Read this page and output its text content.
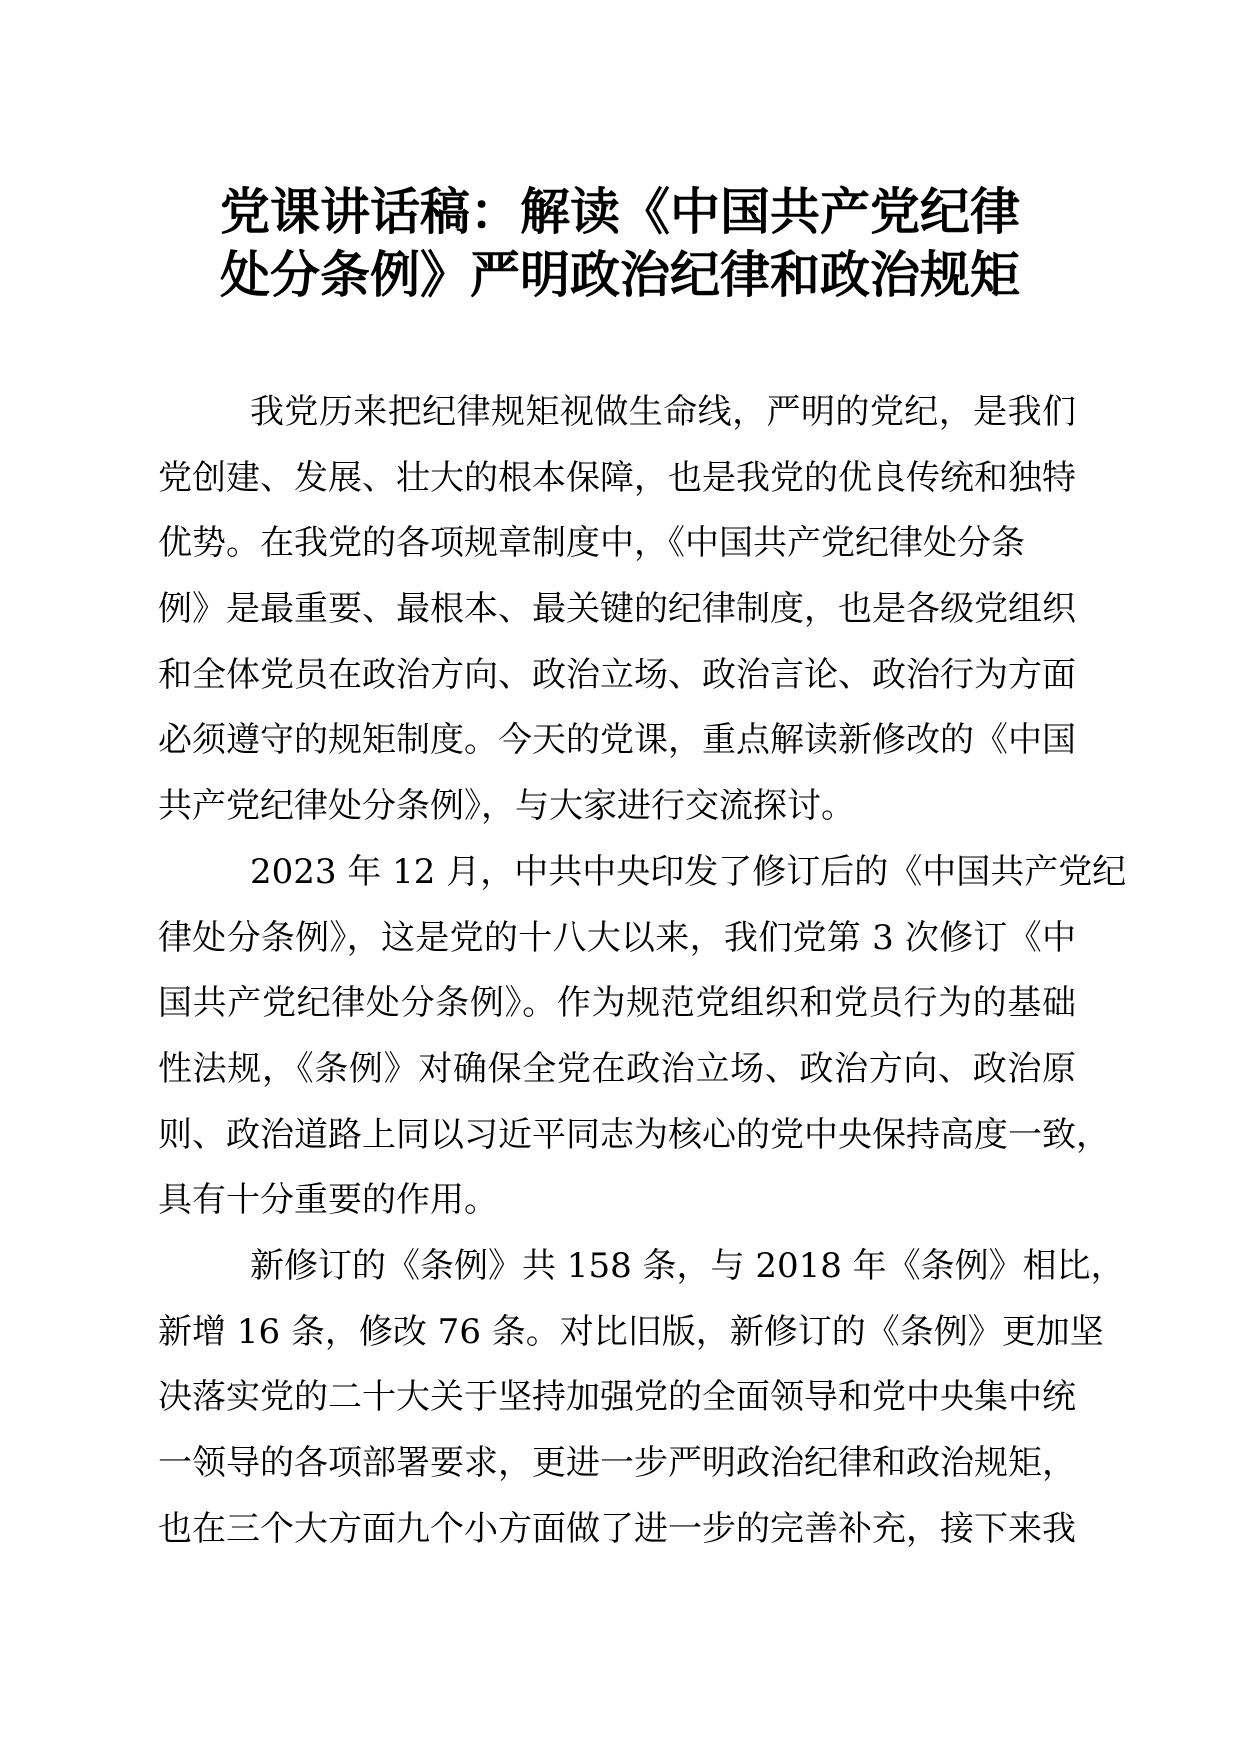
党课讲话稿：解读《中国共产党纪律
处分条例》严明政治纪律和政治规矩
我党历来把纪律规矩视做生命线，严明的党纪，是我们
党创建、发展、壮大的根本保障，也是我党的优良传统和独特
优势。在我党的各项规章制度中，《中国共产党纪律处分条
例》是最重要、最根本、最关键的纪律制度，也是各级党组织
和全体党员在政治方向、政治立场、政治言论、政治行为方面
必须遵守的规矩制度。今天的党课，重点解读新修改的《中国
共产党纪律处分条例》，与大家进行交流探讨。
2023 年 12 月，中共中央印发了修订后的《中国共产党纪
律处分条例》，这是党的十八大以来，我们党第 3 次修订《中
国共产党纪律处分条例》。作为规范党组织和党员行为的基础
性法规，《条例》对确保全党在政治立场、政治方向、政治原
则、政治道路上同以习近平同志为核心的党中央保持高度一致，
具有十分重要的作用。
新修订的《条例》共 158 条，与 2018 年《条例》相比，
新增 16 条，修改 76 条。对比旧版，新修订的《条例》更加坚
决落实党的二十大关于坚持加强党的全面领导和党中央集中统
一领导的各项部署要求，更进一步严明政治纪律和政治规矩，
也在三个大方面九个小方面做了进一步的完善补充，接下来我
